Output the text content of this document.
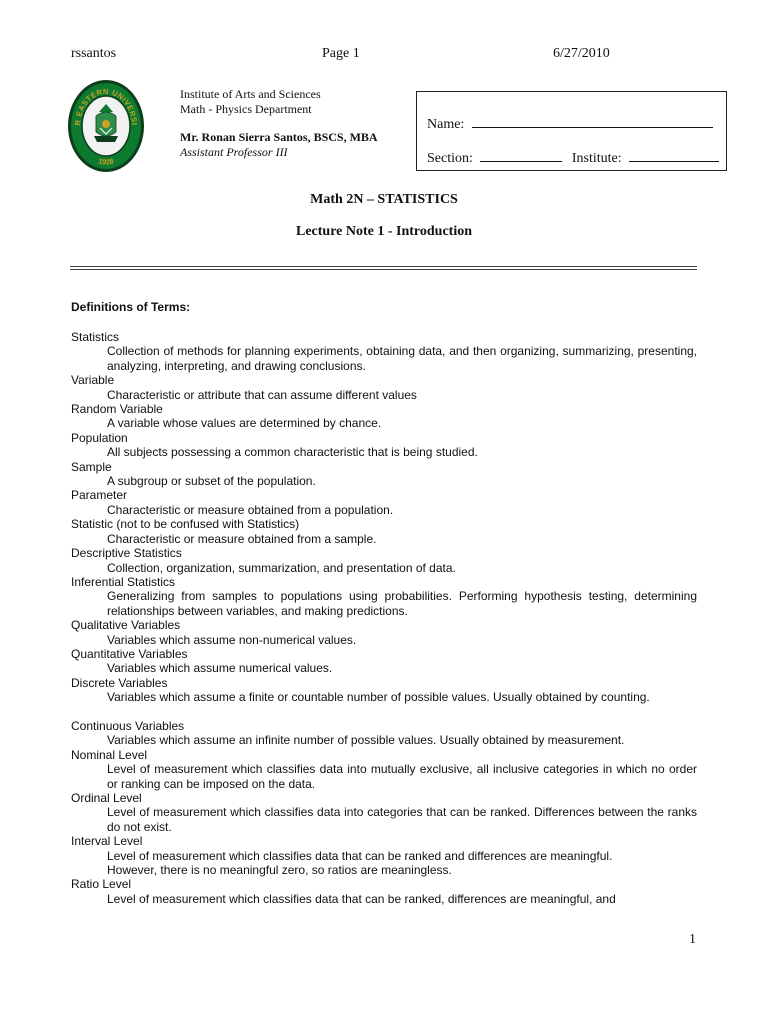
rssantos	Page 1	6/27/2010
R EASTERN UNIVERSI
1928
Institute of Arts and Sciences
Math - Physics Department
Mr. Ronan Sierra Santos, BSCS, MBA
Assistant Professor III
Name:
Section:	Institute:
Math 2N – STATISTICS
Lecture Note 1 - Introduction
Definitions of Terms:
Statistics
Collection of methods for planning experiments, obtaining data, and then organizing, summarizing, presenting, analyzing, interpreting, and drawing conclusions.
Variable
Characteristic or attribute that can assume different values
Random Variable
A variable whose values are determined by chance.
Population
All subjects possessing a common characteristic that is being studied.
Sample
A subgroup or subset of the population.
Parameter
Characteristic or measure obtained from a population.
Statistic (not to be confused with Statistics)
Characteristic or measure obtained from a sample.
Descriptive Statistics
Collection, organization, summarization, and presentation of data.
Inferential Statistics
Generalizing from samples to populations using probabilities. Performing hypothesis testing, determining relationships between variables, and making predictions.
Qualitative Variables
Variables which assume non-numerical values.
Quantitative Variables
Variables which assume numerical values.
Discrete Variables
Variables which assume a finite or countable number of possible values. Usually obtained by counting.
Continuous Variables
Variables which assume an infinite number of possible values. Usually obtained by measurement.
Nominal Level
Level of measurement which classifies data into mutually exclusive, all inclusive categories in which no order or ranking can be imposed on the data.
Ordinal Level
Level of measurement which classifies data into categories that can be ranked. Differences between the ranks do not exist.
Interval Level
Level of measurement which classifies data that can be ranked and differences are meaningful.
However, there is no meaningful zero, so ratios are meaningless.
Ratio Level
Level of measurement which classifies data that can be ranked, differences are meaningful, and
1
